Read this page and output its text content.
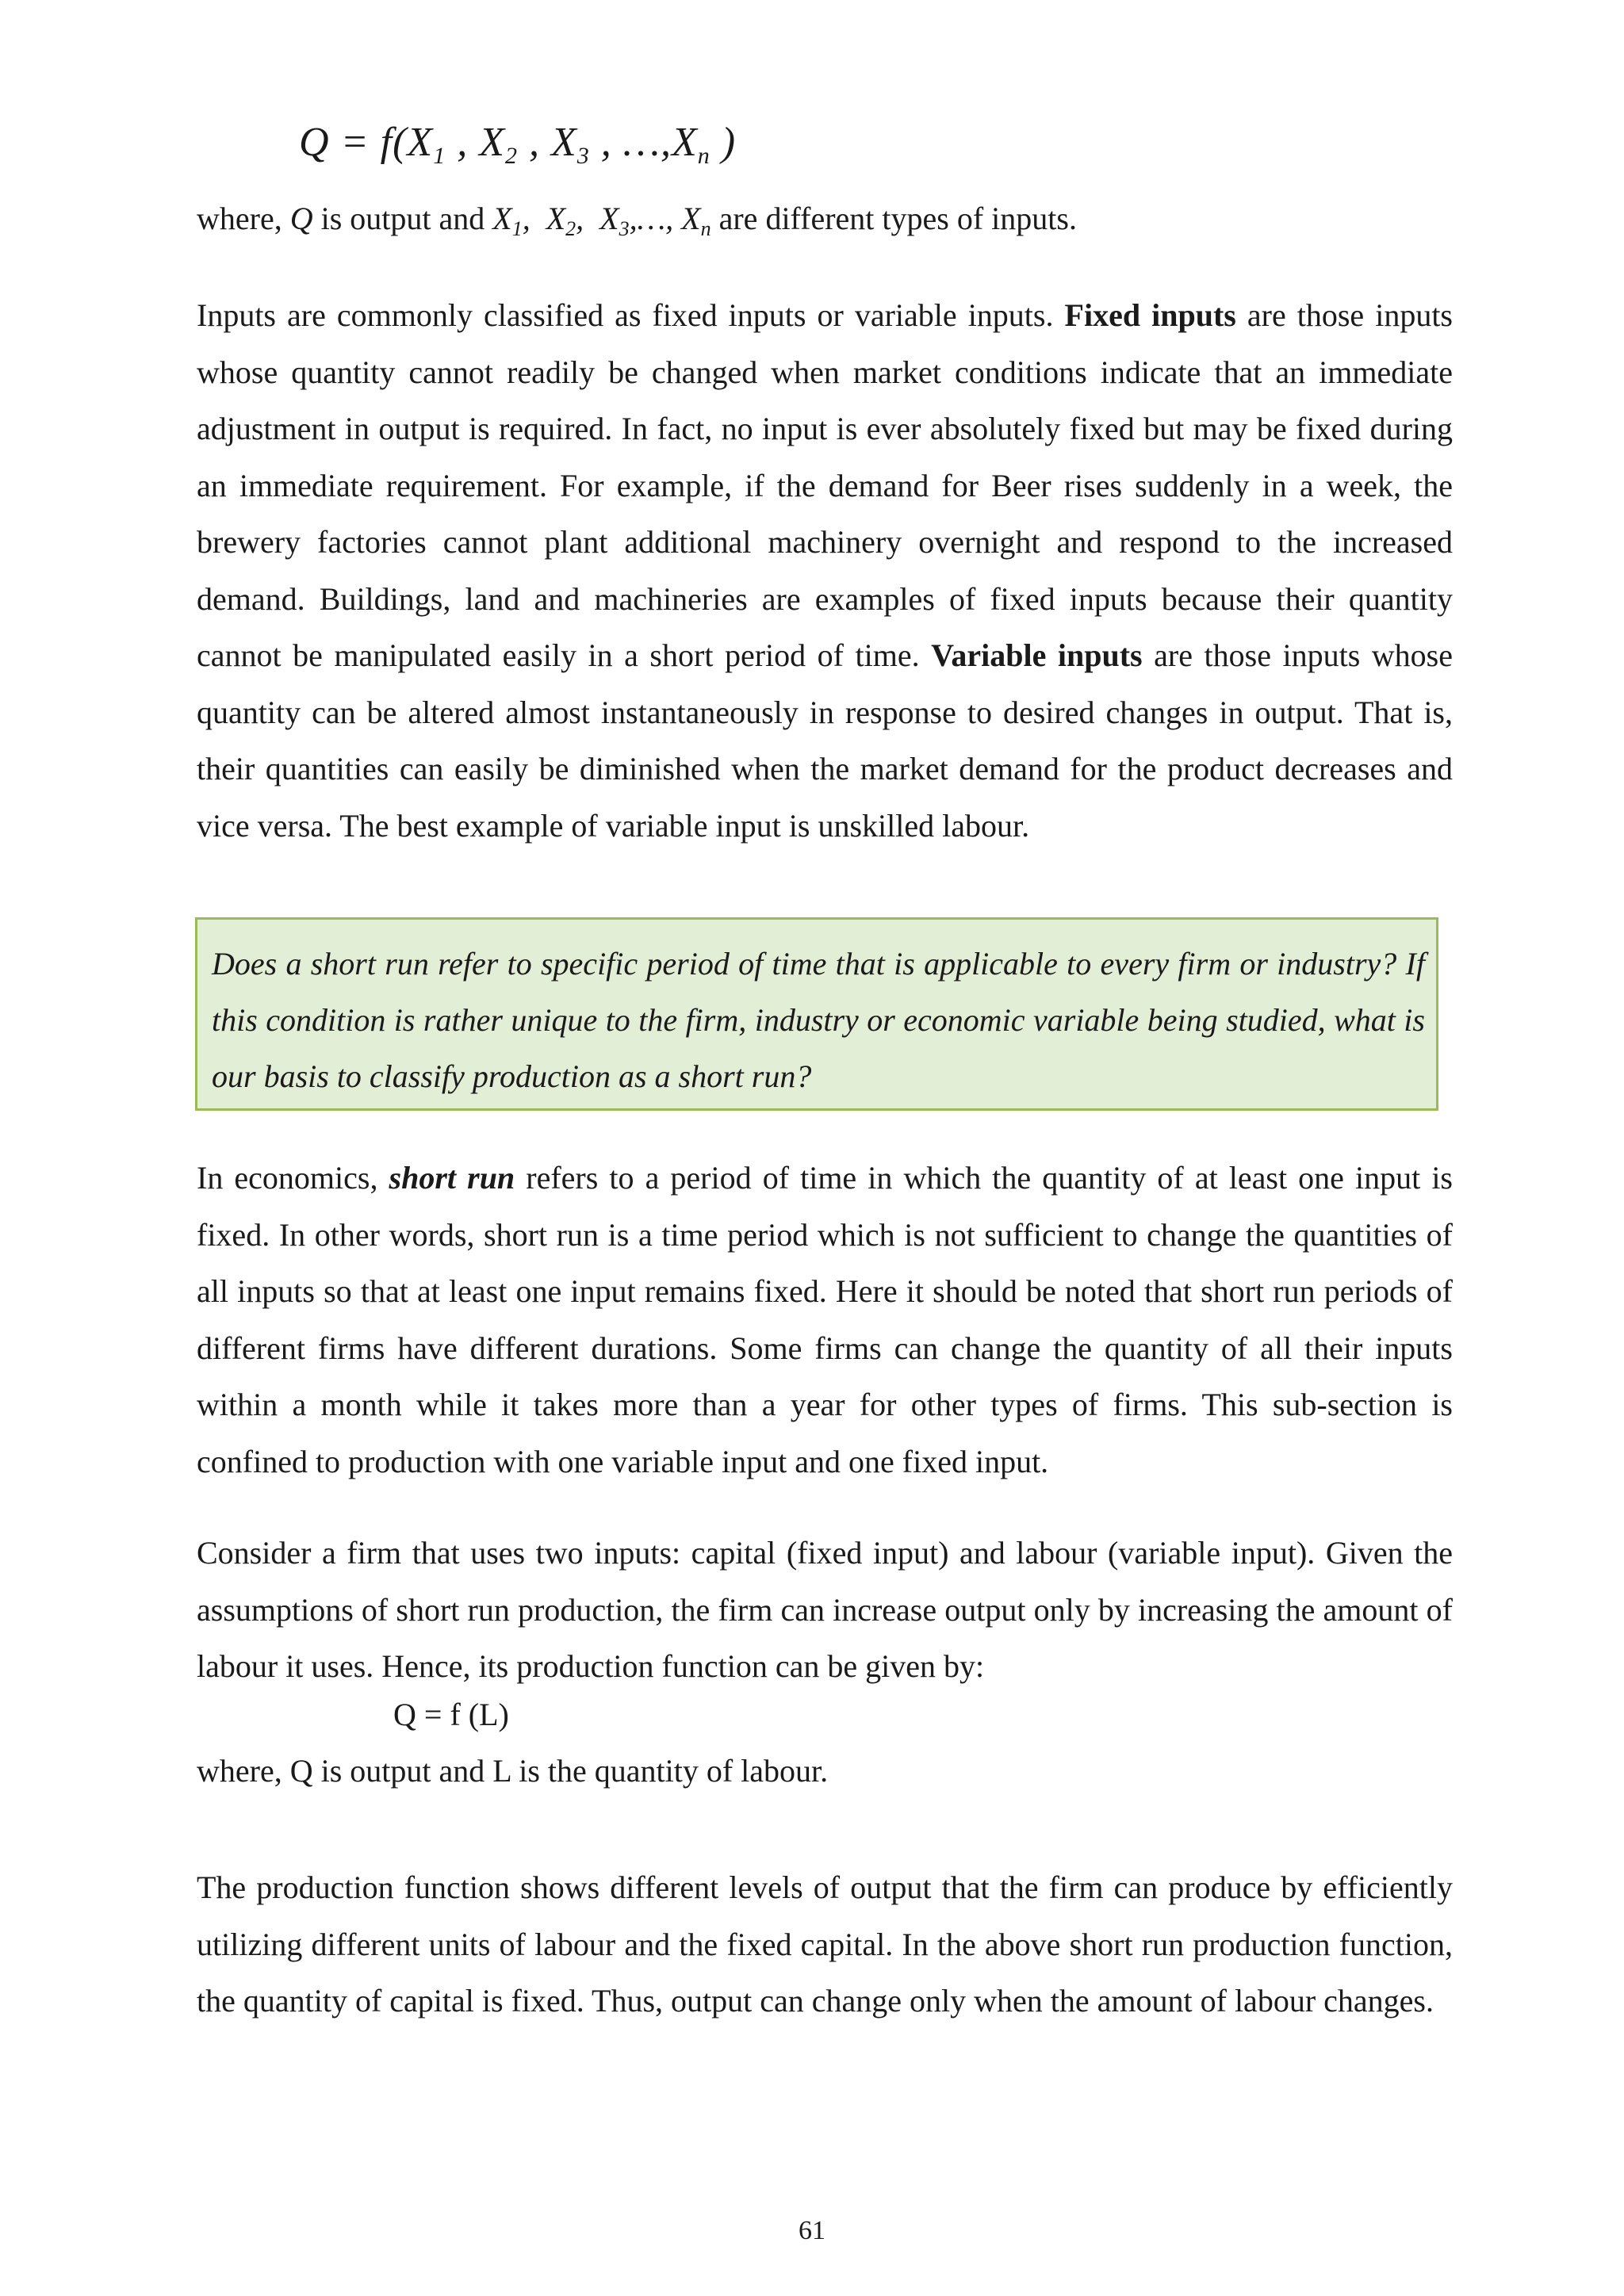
$Q = f(X_1$ , $X_2$ , $X_3$ , $\dots,X_n$ )
where, Q is output and $X_1$, $X_2$, $X_3,\dots$, $X_n$ are different types of inputs.

Inputs are commonly classified as fixed inputs or variable inputs. Fixed inputs are those inputs whose quantity cannot readily be changed when market conditions indicate that an immediate adjustment in output is required. In fact, no input is ever absolutely fixed but may be fixed during an immediate requirement. For example, if the demand for Beer rises suddenly in a week, the brewery factories cannot plant additional machinery overnight and respond to the increased demand. Buildings, land and machineries are examples of fixed inputs because their quantity cannot be manipulated easily in a short period of time. Variable inputs are those inputs whose quantity can be altered almost instantaneously in response to desired changes in output. That is, their quantities can easily be diminished when the market demand for the product decreases and vice versa. The best example of variable input is unskilled labour.

Does a short run refer to specific period of time that is applicable to every firm or industry? If this condition is rather unique to the firm, industry or economic variable being studied, what is our basis to classify production as a short run?

In economics, short run refers to a period of time in which the quantity of at least one input is fixed. In other words, short run is a time period which is not sufficient to change the quantities of all inputs so that at least one input remains fixed. Here it should be noted that short run periods of different firms have different durations. Some firms can change the quantity of all their inputs within a month while it takes more than a year for other types of firms. This sub-section is confined to production with one variable input and one fixed input.

Consider a firm that uses two inputs: capital (fixed input) and labour (variable input). Given the assumptions of short run production, the firm can increase output only by increasing the amount of labour it uses. Hence, its production function can be given by:

Q = f (L)
where, Q is output and L is the quantity of labour.

The production function shows different levels of output that the firm can produce by efficiently utilizing different units of labour and the fixed capital. In the above short run production function, the quantity of capital is fixed. Thus, output can change only when the amount of labour changes.

61
